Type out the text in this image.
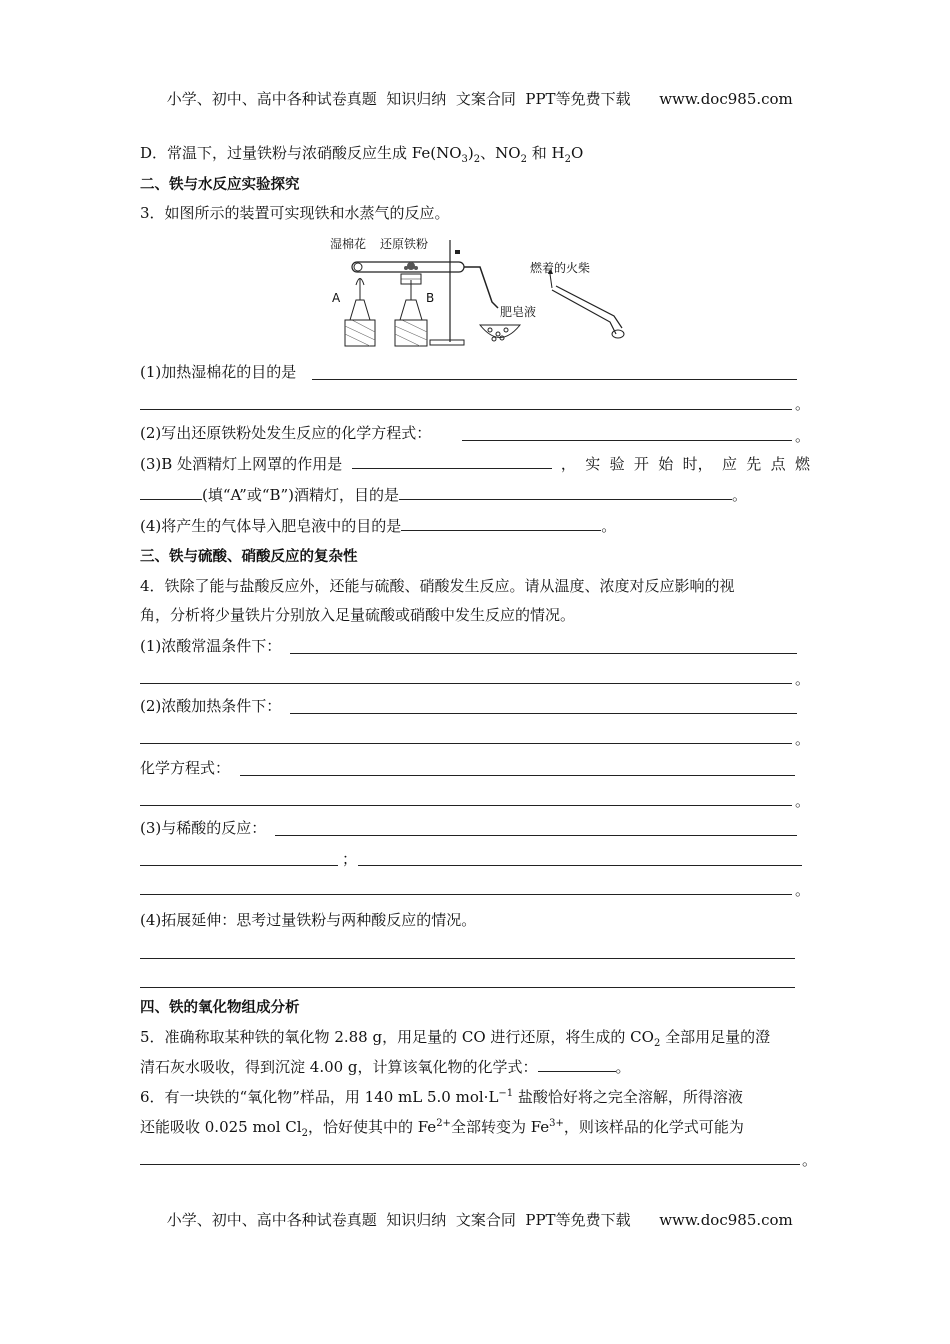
小学、初中、高中各种试卷真题  知识归纳  文案合同  PPT等免费下载 www.doc985.com

D．常温下，过量铁粉与浓硝酸反应生成 $Fe(NO_3)_2$、$NO_2$ 和 $H_2O$
二、铁与水反应实验探究
3．如图所示的装置可实现铁和水蒸气的反应。
湿棉花 还原铁粉
燃着的火柴
肥皂液
A	B
(1)加热湿棉花的目的是
。
(2)写出还原铁粉处发生反应的化学方程式：	。
(3)B 处酒精灯上网罩的作用是	， 实 验 开 始 时， 应 先 点 燃
(填“A”或“B”)酒精灯，目的是	。
(4)将产生的气体导入肥皂液中的目的是	。
三、铁与硫酸、硝酸反应的复杂性
4．铁除了能与盐酸反应外，还能与硫酸、硝酸发生反应。请从温度、浓度对反应影响的视
角，分析将少量铁片分别放入足量硫酸或硝酸中发生反应的情况。
(1)浓酸常温条件下：
。
(2)浓酸加热条件下：
。
化学方程式：
。
(3)与稀酸的反应：
；
。
(4)拓展延伸：思考过量铁粉与两种酸反应的情况。
四、铁的氧化物组成分析
5．准确称取某种铁的氧化物 2.88 g，用足量的 CO 进行还原，将生成的 $CO_2$ 全部用足量的澄
清石灰水吸收，得到沉淀 4.00 g，计算该氧化物的化学式：	。
6．有一块铁的“氧化物”样品，用 140 mL 5.0 $mol\cdot L^{-1}$ 盐酸恰好将之完全溶解，所得溶液
还能吸收 0.025 mol $Cl_2$，恰好使其中的 $Fe^{2+}$全部转变为 $Fe^{3+}$，则该样品的化学式可能为
。

小学、初中、高中各种试卷真题  知识归纳  文案合同  PPT等免费下载 www.doc985.com
